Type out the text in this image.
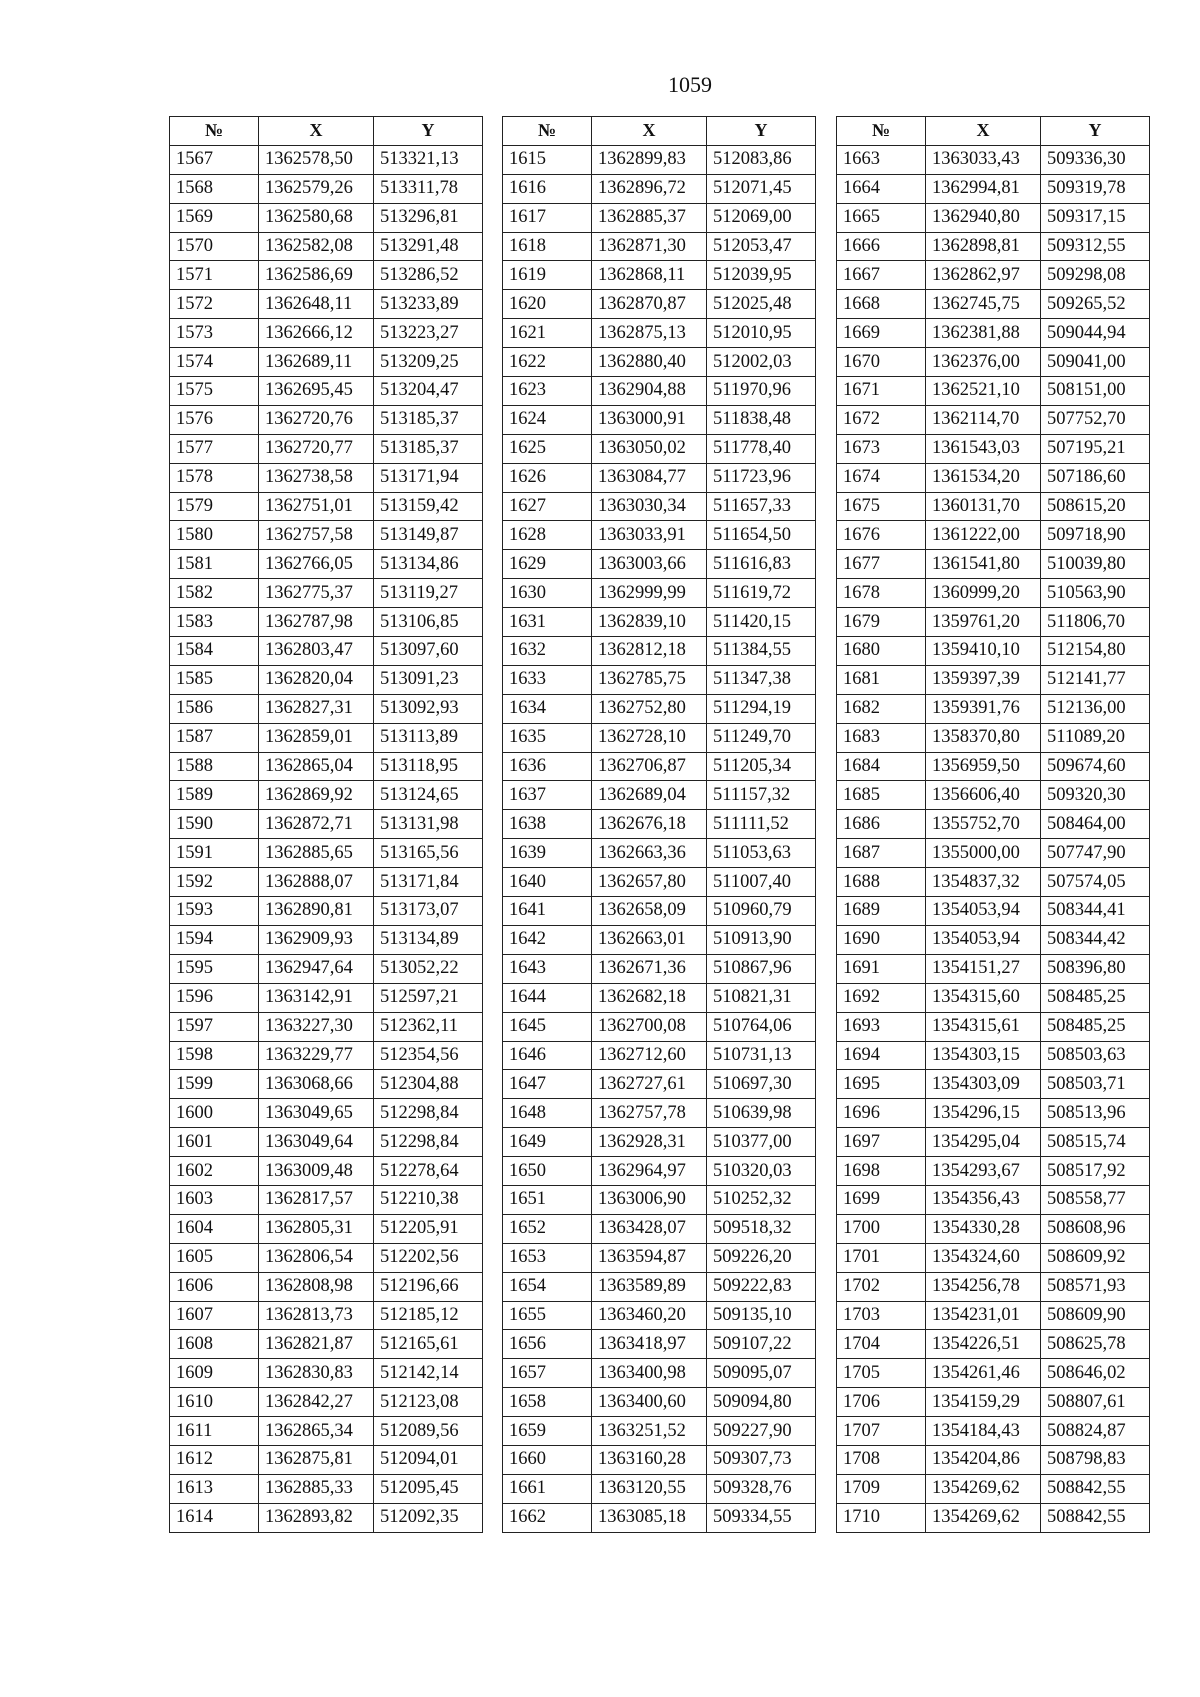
1059
№	X	Y
1567	1362578,50	513321,13
1568	1362579,26	513311,78
1569	1362580,68	513296,81
1570	1362582,08	513291,48
1571	1362586,69	513286,52
1572	1362648,11	513233,89
1573	1362666,12	513223,27
1574	1362689,11	513209,25
1575	1362695,45	513204,47
1576	1362720,76	513185,37
1577	1362720,77	513185,37
1578	1362738,58	513171,94
1579	1362751,01	513159,42
1580	1362757,58	513149,87
1581	1362766,05	513134,86
1582	1362775,37	513119,27
1583	1362787,98	513106,85
1584	1362803,47	513097,60
1585	1362820,04	513091,23
1586	1362827,31	513092,93
1587	1362859,01	513113,89
1588	1362865,04	513118,95
1589	1362869,92	513124,65
1590	1362872,71	513131,98
1591	1362885,65	513165,56
1592	1362888,07	513171,84
1593	1362890,81	513173,07
1594	1362909,93	513134,89
1595	1362947,64	513052,22
1596	1363142,91	512597,21
1597	1363227,30	512362,11
1598	1363229,77	512354,56
1599	1363068,66	512304,88
1600	1363049,65	512298,84
1601	1363049,64	512298,84
1602	1363009,48	512278,64
1603	1362817,57	512210,38
1604	1362805,31	512205,91
1605	1362806,54	512202,56
1606	1362808,98	512196,66
1607	1362813,73	512185,12
1608	1362821,87	512165,61
1609	1362830,83	512142,14
1610	1362842,27	512123,08
1611	1362865,34	512089,56
1612	1362875,81	512094,01
1613	1362885,33	512095,45
1614	1362893,82	512092,35
№	X	Y
1615	1362899,83	512083,86
1616	1362896,72	512071,45
1617	1362885,37	512069,00
1618	1362871,30	512053,47
1619	1362868,11	512039,95
1620	1362870,87	512025,48
1621	1362875,13	512010,95
1622	1362880,40	512002,03
1623	1362904,88	511970,96
1624	1363000,91	511838,48
1625	1363050,02	511778,40
1626	1363084,77	511723,96
1627	1363030,34	511657,33
1628	1363033,91	511654,50
1629	1363003,66	511616,83
1630	1362999,99	511619,72
1631	1362839,10	511420,15
1632	1362812,18	511384,55
1633	1362785,75	511347,38
1634	1362752,80	511294,19
1635	1362728,10	511249,70
1636	1362706,87	511205,34
1637	1362689,04	511157,32
1638	1362676,18	511111,52
1639	1362663,36	511053,63
1640	1362657,80	511007,40
1641	1362658,09	510960,79
1642	1362663,01	510913,90
1643	1362671,36	510867,96
1644	1362682,18	510821,31
1645	1362700,08	510764,06
1646	1362712,60	510731,13
1647	1362727,61	510697,30
1648	1362757,78	510639,98
1649	1362928,31	510377,00
1650	1362964,97	510320,03
1651	1363006,90	510252,32
1652	1363428,07	509518,32
1653	1363594,87	509226,20
1654	1363589,89	509222,83
1655	1363460,20	509135,10
1656	1363418,97	509107,22
1657	1363400,98	509095,07
1658	1363400,60	509094,80
1659	1363251,52	509227,90
1660	1363160,28	509307,73
1661	1363120,55	509328,76
1662	1363085,18	509334,55
№	X	Y
1663	1363033,43	509336,30
1664	1362994,81	509319,78
1665	1362940,80	509317,15
1666	1362898,81	509312,55
1667	1362862,97	509298,08
1668	1362745,75	509265,52
1669	1362381,88	509044,94
1670	1362376,00	509041,00
1671	1362521,10	508151,00
1672	1362114,70	507752,70
1673	1361543,03	507195,21
1674	1361534,20	507186,60
1675	1360131,70	508615,20
1676	1361222,00	509718,90
1677	1361541,80	510039,80
1678	1360999,20	510563,90
1679	1359761,20	511806,70
1680	1359410,10	512154,80
1681	1359397,39	512141,77
1682	1359391,76	512136,00
1683	1358370,80	511089,20
1684	1356959,50	509674,60
1685	1356606,40	509320,30
1686	1355752,70	508464,00
1687	1355000,00	507747,90
1688	1354837,32	507574,05
1689	1354053,94	508344,41
1690	1354053,94	508344,42
1691	1354151,27	508396,80
1692	1354315,60	508485,25
1693	1354315,61	508485,25
1694	1354303,15	508503,63
1695	1354303,09	508503,71
1696	1354296,15	508513,96
1697	1354295,04	508515,74
1698	1354293,67	508517,92
1699	1354356,43	508558,77
1700	1354330,28	508608,96
1701	1354324,60	508609,92
1702	1354256,78	508571,93
1703	1354231,01	508609,90
1704	1354226,51	508625,78
1705	1354261,46	508646,02
1706	1354159,29	508807,61
1707	1354184,43	508824,87
1708	1354204,86	508798,83
1709	1354269,62	508842,55
1710	1354269,62	508842,55
